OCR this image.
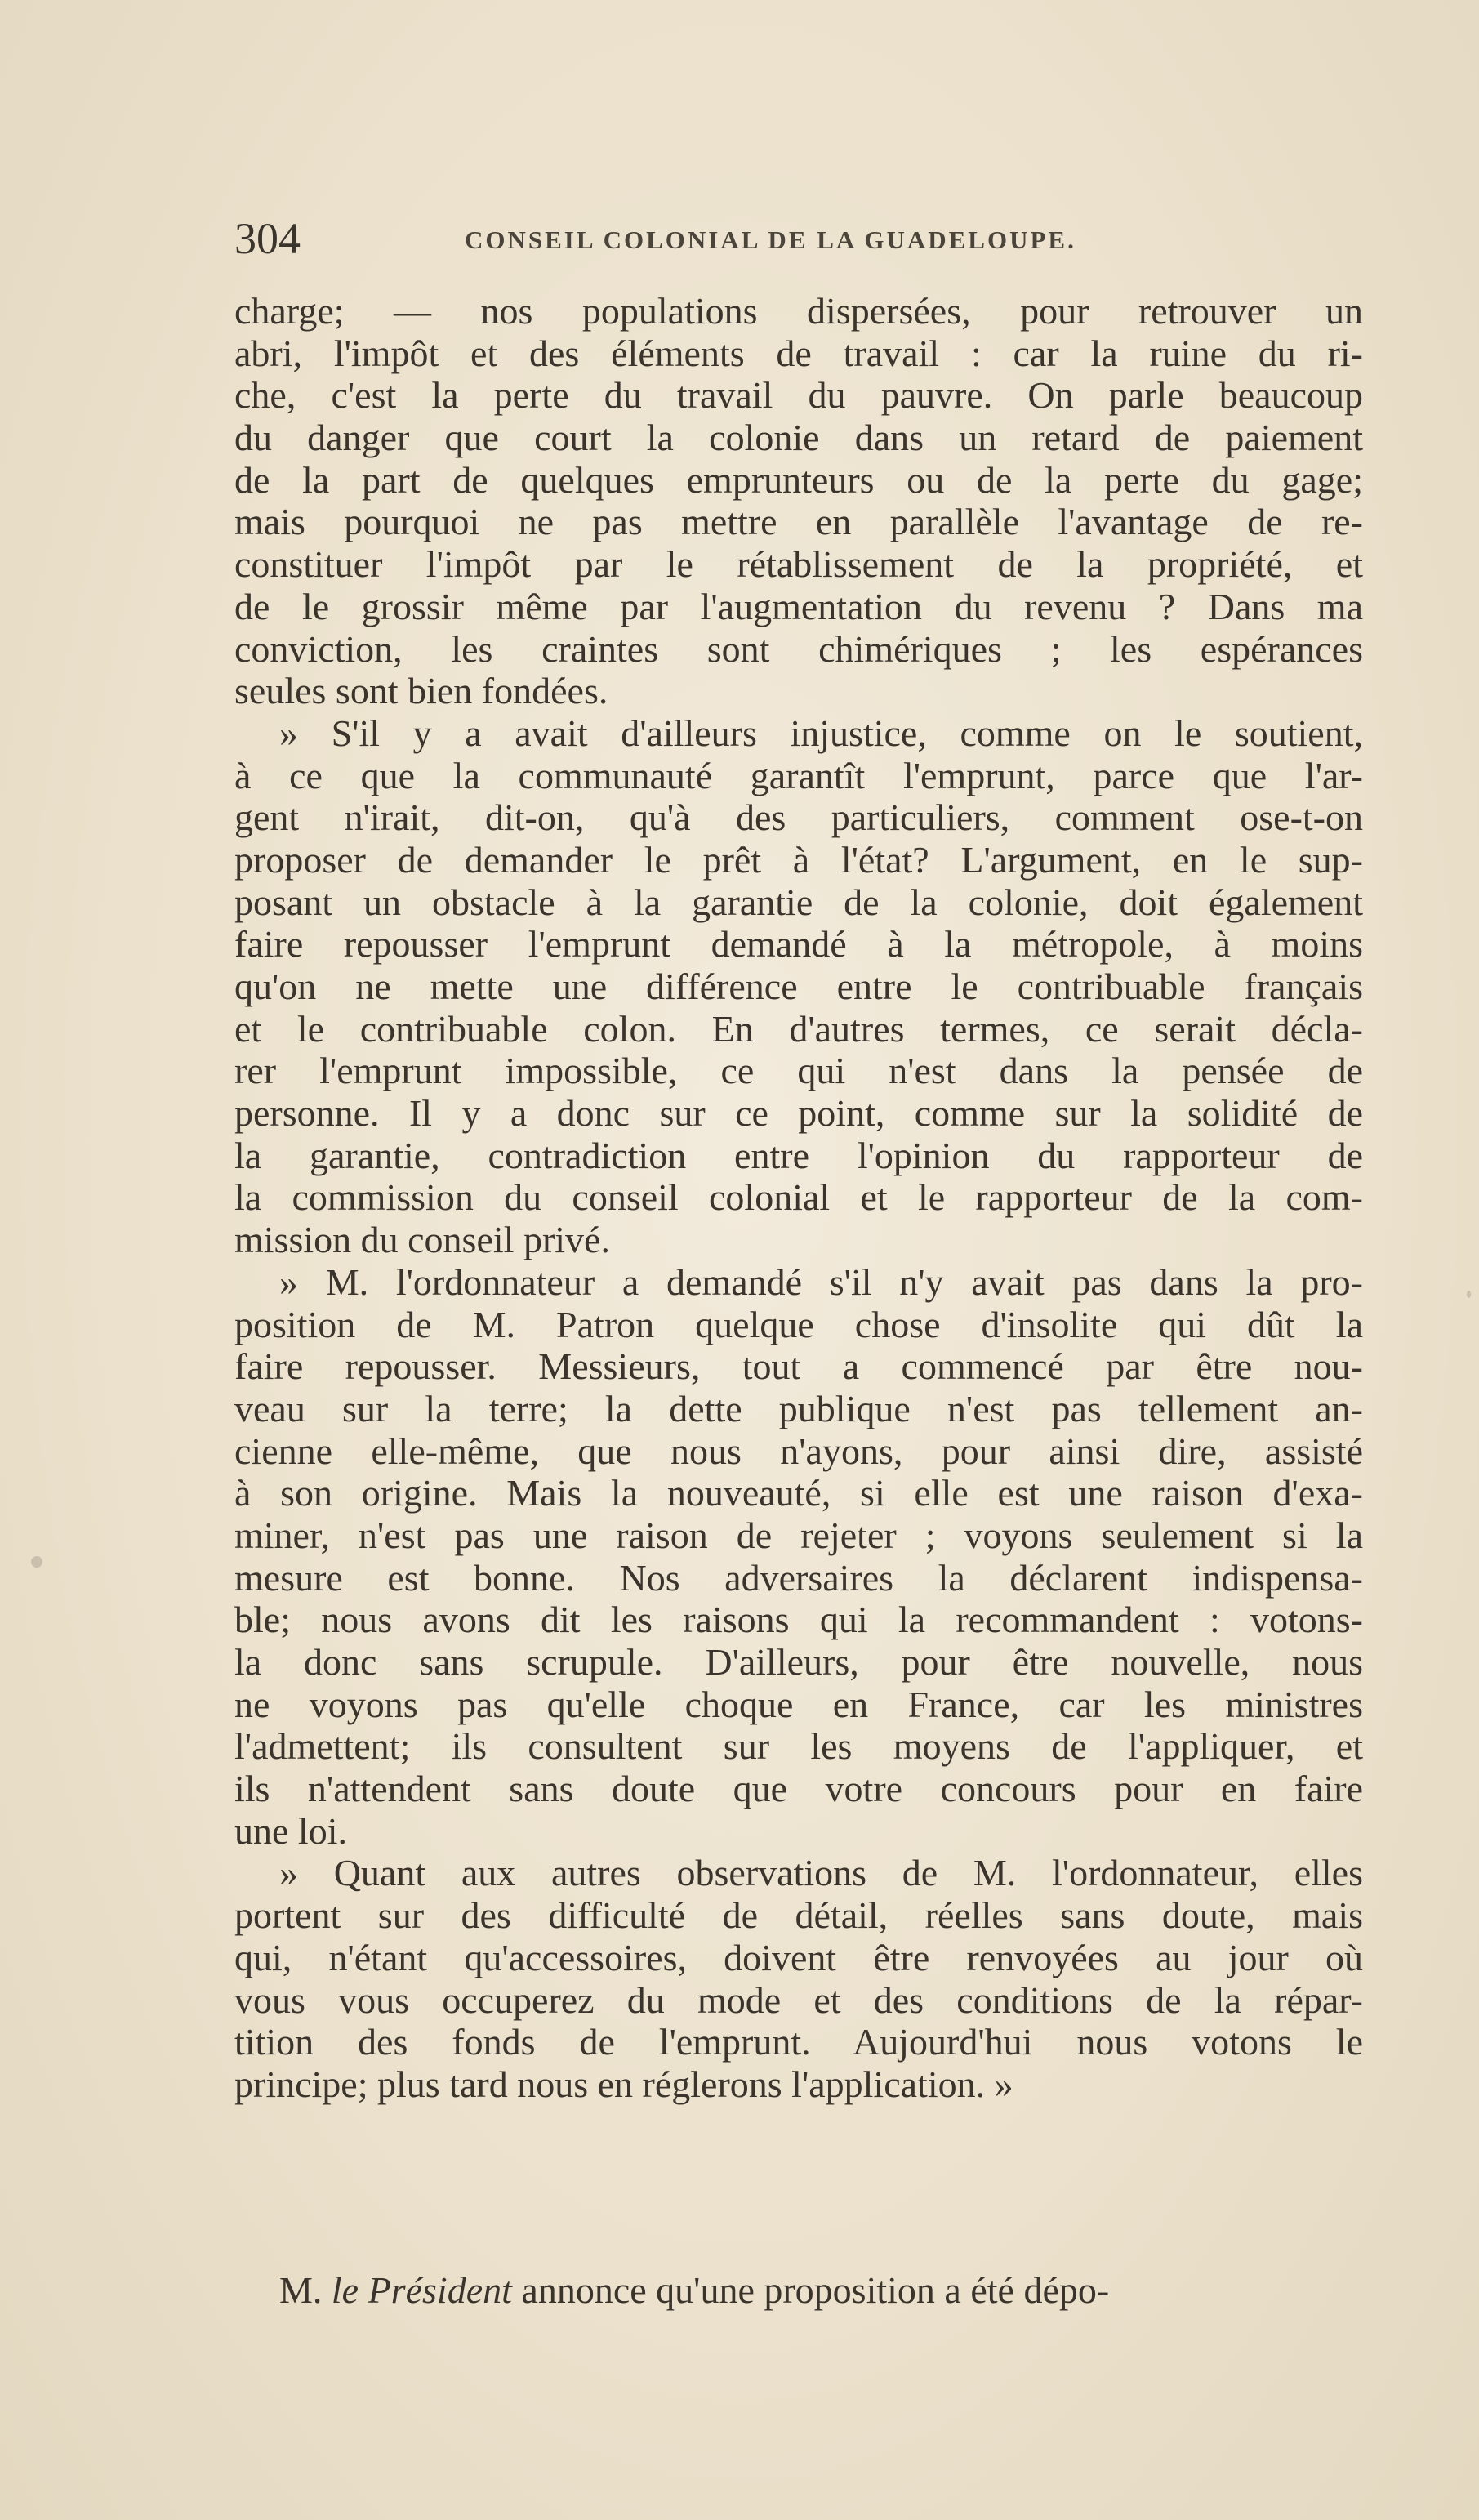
304	CONSEIL COLONIAL DE LA GUADELOUPE.
charge; — nos populations dispersées, pour retrouver un
abri, l'impôt et des éléments de travail : car la ruine du ri-
che, c'est la perte du travail du pauvre. On parle beaucoup
du danger que court la colonie dans un retard de paiement
de la part de quelques emprunteurs ou de la perte du gage;
mais pourquoi ne pas mettre en parallèle l'avantage de re-
constituer l'impôt par le rétablissement de la propriété, et
de le grossir même par l'augmentation du revenu ? Dans ma
conviction, les craintes sont chimériques ; les espérances
seules sont bien fondées.
» S'il y a avait d'ailleurs injustice, comme on le soutient,
à ce que la communauté garantît l'emprunt, parce que l'ar-
gent n'irait, dit-on, qu'à des particuliers, comment ose-t-on
proposer de demander le prêt à l'état? L'argument, en le sup-
posant un obstacle à la garantie de la colonie, doit également
faire repousser l'emprunt demandé à la métropole, à moins
qu'on ne mette une différence entre le contribuable français
et le contribuable colon. En d'autres termes, ce serait décla-
rer l'emprunt impossible, ce qui n'est dans la pensée de
personne. Il y a donc sur ce point, comme sur la solidité de
la garantie, contradiction entre l'opinion du rapporteur de
la commission du conseil colonial et le rapporteur de la com-
mission du conseil privé.
» M. l'ordonnateur a demandé s'il n'y avait pas dans la pro-
position de M. Patron quelque chose d'insolite qui dût la
faire repousser. Messieurs, tout a commencé par être nou-
veau sur la terre; la dette publique n'est pas tellement an-
cienne elle-même, que nous n'ayons, pour ainsi dire, assisté
à son origine. Mais la nouveauté, si elle est une raison d'exa-
miner, n'est pas une raison de rejeter ; voyons seulement si la
mesure est bonne. Nos adversaires la déclarent indispensa-
ble; nous avons dit les raisons qui la recommandent : votons-
la donc sans scrupule. D'ailleurs, pour être nouvelle, nous
ne voyons pas qu'elle choque en France, car les ministres
l'admettent; ils consultent sur les moyens de l'appliquer, et
ils n'attendent sans doute que votre concours pour en faire
une loi.
» Quant aux autres observations de M. l'ordonnateur, elles
portent sur des difficulté de détail, réelles sans doute, mais
qui, n'étant qu'accessoires, doivent être renvoyées au jour où
vous vous occuperez du mode et des conditions de la répar-
tition des fonds de l'emprunt. Aujourd'hui nous votons le
principe; plus tard nous en réglerons l'application. »
M. le Président annonce qu'une proposition a été dépo-
